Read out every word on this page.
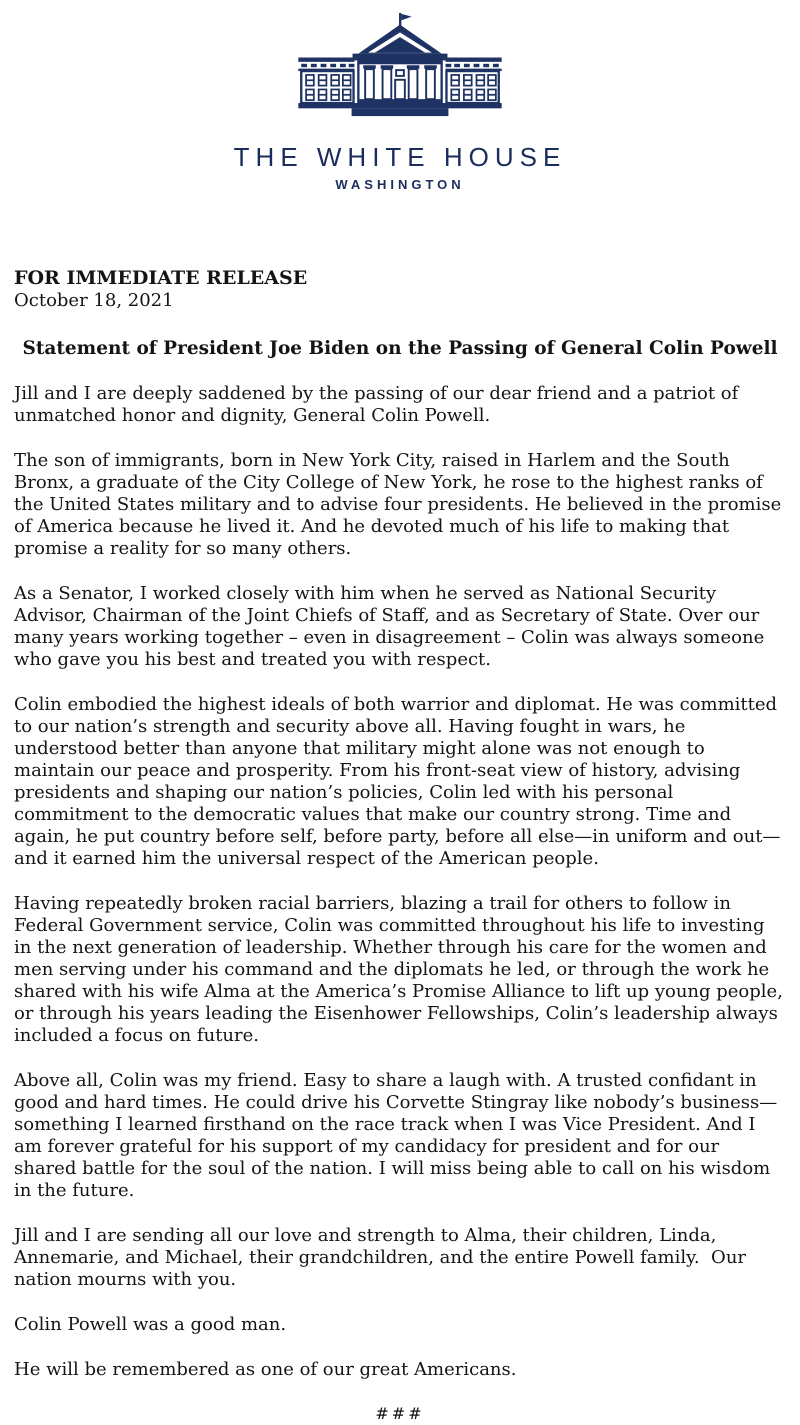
THE WHITE HOUSE
WASHINGTON
FOR IMMEDIATE RELEASE
October 18, 2021
Statement of President Joe Biden on the Passing of General Colin Powell

Jill and I are deeply saddened by the passing of our dear friend and a patriot of unmatched honor and dignity, General Colin Powell.

The son of immigrants, born in New York City, raised in Harlem and the South Bronx, a graduate of the City College of New York, he rose to the highest ranks of the United States military and to advise four presidents. He believed in the promise of America because he lived it. And he devoted much of his life to making that promise a reality for so many others.

As a Senator, I worked closely with him when he served as National Security Advisor, Chairman of the Joint Chiefs of Staff, and as Secretary of State. Over our many years working together – even in disagreement – Colin was always someone who gave you his best and treated you with respect.

Colin embodied the highest ideals of both warrior and diplomat. He was committed to our nation’s strength and security above all. Having fought in wars, he understood better than anyone that military might alone was not enough to maintain our peace and prosperity. From his front-seat view of history, advising presidents and shaping our nation’s policies, Colin led with his personal commitment to the democratic values that make our country strong. Time and again, he put country before self, before party, before all else—in uniform and out—and it earned him the universal respect of the American people.

Having repeatedly broken racial barriers, blazing a trail for others to follow in Federal Government service, Colin was committed throughout his life to investing in the next generation of leadership. Whether through his care for the women and men serving under his command and the diplomats he led, or through the work he shared with his wife Alma at the America’s Promise Alliance to lift up young people, or through his years leading the Eisenhower Fellowships, Colin’s leadership always included a focus on future.

Above all, Colin was my friend. Easy to share a laugh with. A trusted confidant in good and hard times. He could drive his Corvette Stingray like nobody’s business—something I learned firsthand on the race track when I was Vice President. And I am forever grateful for his support of my candidacy for president and for our shared battle for the soul of the nation. I will miss being able to call on his wisdom in the future.

Jill and I are sending all our love and strength to Alma, their children, Linda, Annemarie, and Michael, their grandchildren, and the entire Powell family.  Our nation mourns with you.

Colin Powell was a good man.

He will be remembered as one of our great Americans.

###
